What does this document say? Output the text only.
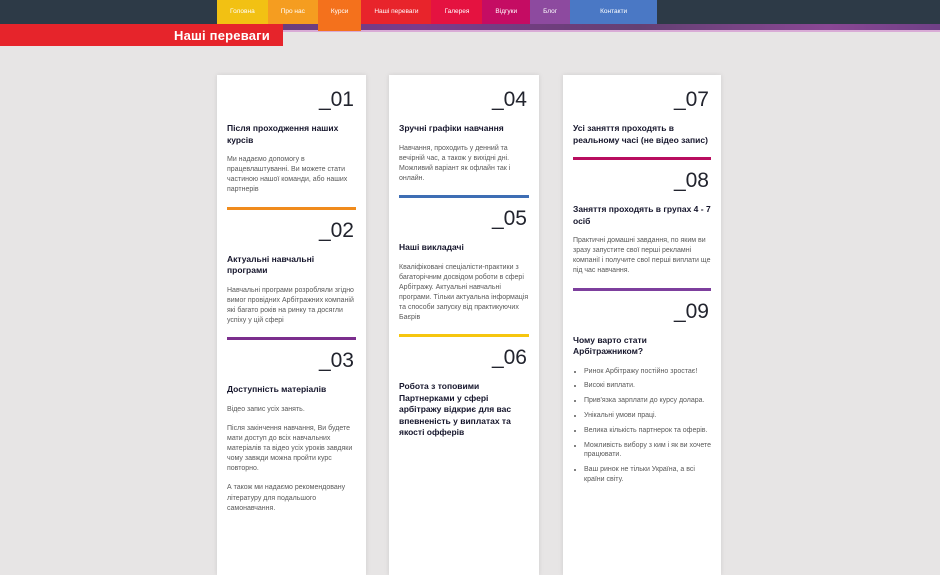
Головна	Про нас	Курси	Наші переваги	Галерея	Відгуки	Блог	Контакти
Наші переваги
_01
Після проходження наших курсів

Ми надаємо допомогу в працевлаштуванні. Ви можете стати частиною нашої команди, або наших партнерів

_02
Актуальні навчальні програми

Навчальні програми розробляли згідно вимог провідних Арбітражних компаній які багато років на ринку та досягли успіху у цій сфері

_03
Доступність матеріалів

Відео запис усіх занять.

Після закінчення навчання, Ви будете мати доступ до всіх навчальних матеріалів та відео усіх уроків завдяки чому завжди можна пройти курс повторно.

А також ми надаємо рекомендовану літературу для подальшого самонавчання.

_04
Зручні графіки навчання

Навчання, проходить у денний та вечірній час, а також у вихідні дні. Можливий варіант як офлайн так і онлайн.

_05
Наші викладачі

Кваліфіковані спеціалісти-практики з багаторічним досвідом роботи в сфері Арбітражу. Актуальні навчальні програми. Тільки актуальна інформація та способи запуску від практикуючих Баєрів

_06
Робота з топовими Партнерками у сфері арбітражу відкриє для вас впевненість у виплатах та якості офферів
_07
Усі заняття проходять в реальному часі (не відео запис)
_08
Заняття проходять в групах 4 - 7 осіб

Практичні домашні завдання, по яким ви зразу запустите свої перші рекламні компанії і получите свої перші виплати ще під час навчання.

_09
Чому варто стати Арбітражником?
• Ринок Арбітражу постійно зростає!
• Високі виплати.
• Прив'язка зарплати до курсу долара.
• Унікальні умови праці.
• Велика кількість партнерок та оферів.
• Можливість вибору з ким і як ви хочете працювати.
• Ваш ринок не тільки Україна, а всі країни світу.
